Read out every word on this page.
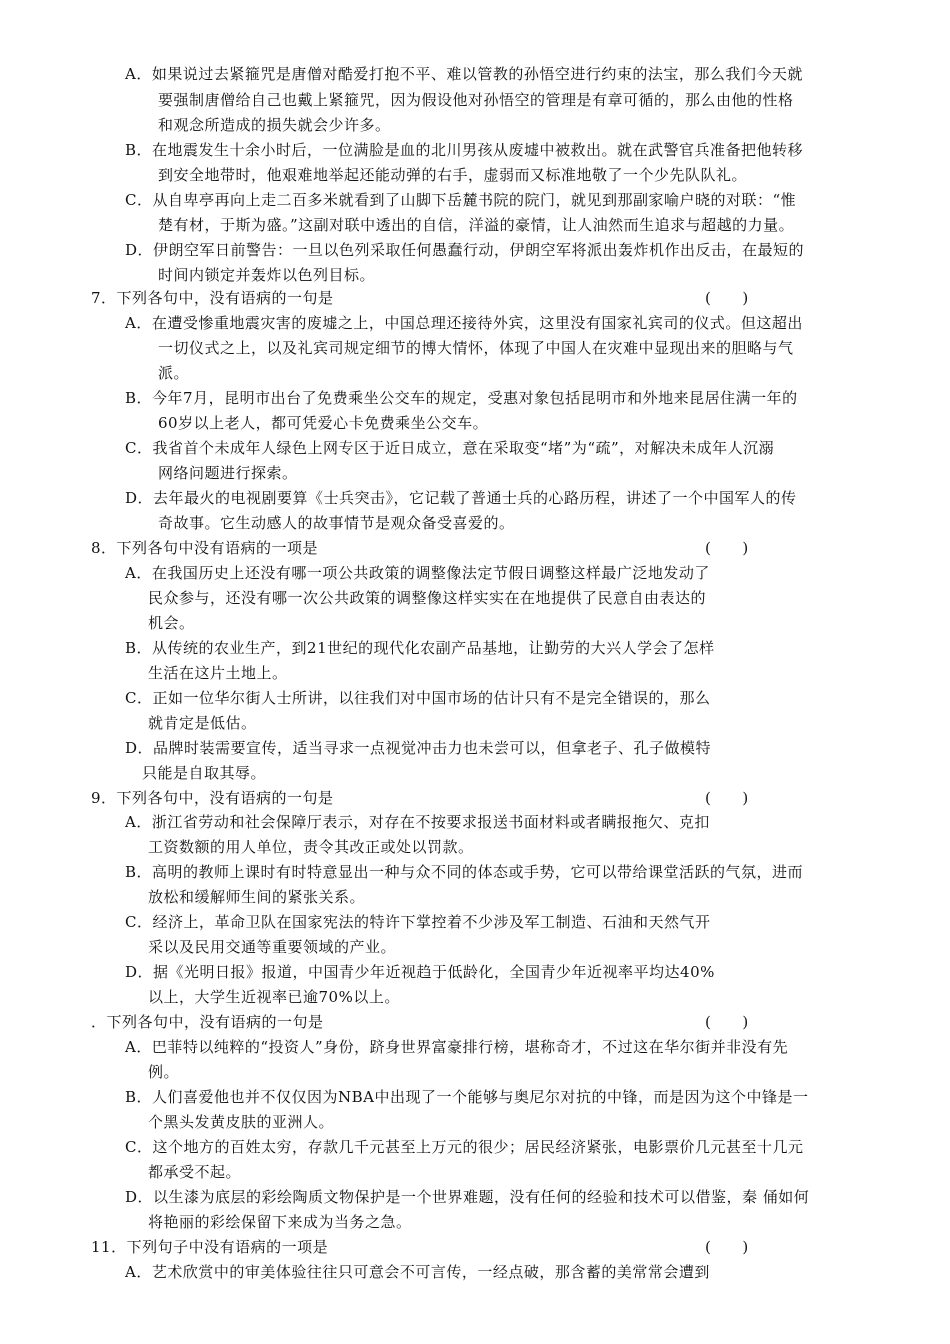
A．如果说过去紧箍咒是唐僧对酷爱打抱不平、难以管教的孙悟空进行约束的法宝，那么我们今天就
要强制唐僧给自己也戴上紧箍咒，因为假设他对孙悟空的管理是有章可循的，那么由他的性格
和观念所造成的损失就会少许多。
B．在地震发生十余小时后，一位满脸是血的北川男孩从废墟中被救出。就在武警官兵准备把他转移
到安全地带时，他艰难地举起还能动弹的右手，虚弱而又标准地敬了一个少先队队礼。
C．从自卑亭再向上走二百多米就看到了山脚下岳麓书院的院门，就见到那副家喻户晓的对联：“惟
楚有材，于斯为盛。”这副对联中透出的自信，洋溢的豪情，让人油然而生追求与超越的力量。
D．伊朗空军日前警告：一旦以色列采取任何愚蠢行动，伊朗空军将派出轰炸机作出反击，在最短的
时间内锁定并轰炸以色列目标。
7．下列各句中，没有语病的一句是	(　　)
A．在遭受惨重地震灾害的废墟之上，中国总理还接待外宾，这里没有国家礼宾司的仪式。但这超出
一切仪式之上，以及礼宾司规定细节的博大情怀，体现了中国人在灾难中显现出来的胆略与气
派。
B．今年7月，昆明市出台了免费乘坐公交车的规定，受惠对象包括昆明市和外地来昆居住满一年的
60岁以上老人，都可凭爱心卡免费乘坐公交车。
C．我省首个未成年人绿色上网专区于近日成立，意在采取变“堵”为“疏”，对解决未成年人沉溺
网络问题进行探索。
D．去年最火的电视剧要算《士兵突击》，它记载了普通士兵的心路历程，讲述了一个中国军人的传
奇故事。它生动感人的故事情节是观众备受喜爱的。
8．下列各句中没有语病的一项是	(　　)
A．在我国历史上还没有哪一项公共政策的调整像法定节假日调整这样最广泛地发动了
民众参与，还没有哪一次公共政策的调整像这样实实在在地提供了民意自由表达的
机会。
B．从传统的农业生产，到21世纪的现代化农副产品基地，让勤劳的大兴人学会了怎样
生活在这片土地上。
C．正如一位华尔街人士所讲，以往我们对中国市场的估计只有不是完全错误的，那么
就肯定是低估。
D．品牌时装需要宣传，适当寻求一点视觉冲击力也未尝可以，但拿老子、孔子做模特
只能是自取其辱。
9．下列各句中，没有语病的一句是	(　　)
A．浙江省劳动和社会保障厅表示，对存在不按要求报送书面材料或者瞒报拖欠、克扣
工资数额的用人单位，责令其改正或处以罚款。
B．高明的教师上课时有时特意显出一种与众不同的体态或手势，它可以带给课堂活跃的气氛，进而
放松和缓解师生间的紧张关系。
C．经济上，革命卫队在国家宪法的特许下掌控着不少涉及军工制造、石油和天然气开
采以及民用交通等重要领域的产业。
D．据《光明日报》报道，中国青少年近视趋于低龄化，全国青少年近视率平均达40%
以上，大学生近视率已逾70%以上。
．下列各句中，没有语病的一句是	(　　)
A．巴菲特以纯粹的“投资人”身份，跻身世界富豪排行榜，堪称奇才，不过这在华尔街并非没有先
例。
B．人们喜爱他也并不仅仅因为NBA中出现了一个能够与奥尼尔对抗的中锋，而是因为这个中锋是一
个黑头发黄皮肤的亚洲人。
C．这个地方的百姓太穷，存款几千元甚至上万元的很少；居民经济紧张，电影票价几元甚至十几元
都承受不起。
D．以生漆为底层的彩绘陶质文物保护是一个世界难题，没有任何的经验和技术可以借鉴，秦 俑如何
将艳丽的彩绘保留下来成为当务之急。
11．下列句子中没有语病的一项是	(　　)
A．艺术欣赏中的审美体验往往只可意会不可言传，一经点破，那含蓄的美常常会遭到
